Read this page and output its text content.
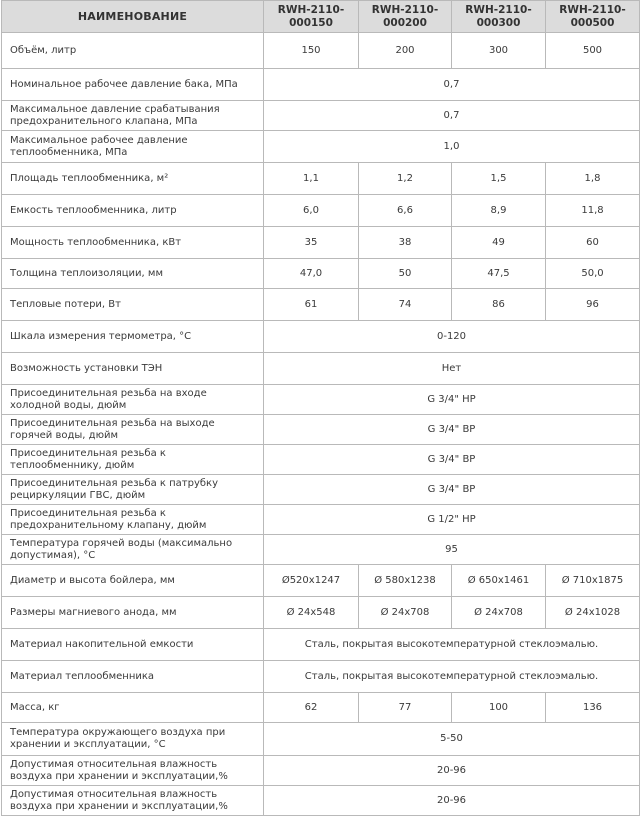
НАИМЕНОВАНИЕ	RWH-2110-000150	RWH-2110-000200	RWH-2110-000300	RWH-2110-000500
Объём, литр	150	200	300	500
Номинальное рабочее давление бака, МПа	0,7			
Максимальное давление срабатывания предохранительного клапана, МПа	0,7			
Максимальное рабочее давление теплообменника, МПа	1,0			
Площадь теплообменника, м²	1,1	1,2	1,5	1,8
Емкость теплообменника, литр	6,0	6,6	8,9	11,8
Мощность теплообменника, кВт	35	38	49	60
Толщина теплоизоляции, мм	47,0	50	47,5	50,0
Тепловые потери, Вт	61	74	86	96
Шкала измерения термометра, °С	0-120			
Возможность установки ТЭН	Нет			
Присоединительная резьба на входе холодной воды, дюйм	G 3/4" НР			
Присоединительная резьба на выходе горячей воды, дюйм	G 3/4" ВР			
Присоединительная резьба к теплообменнику, дюйм	G 3/4" ВР			
Присоединительная резьба к патрубку рециркуляции ГВС, дюйм	G 3/4" ВР			
Присоединительная резьба к предохранительному клапану, дюйм	G 1/2" НР			
Температура горячей воды (максимально допустимая), °С	95			
Диаметр и высота бойлера, мм	Ø520x1247	Ø 580x1238	Ø 650x1461	Ø 710x1875
Размеры магниевого анода, мм	Ø 24x548	Ø 24x708	Ø 24x708	Ø 24x1028
Материал накопительной емкости	Сталь, покрытая высокотемпературной стеклоэмалью.			
Материал теплообменника	Сталь, покрытая высокотемпературной стеклоэмалью.			
Масса, кг	62	77	100	136
Температура окружающего воздуха при хранении и эксплуатации, °С	5-50			
Допустимая относительная влажность воздуха при хранении и эксплуатации,%	20-96			
Допустимая относительная влажность воздуха при хранении и эксплуатации,%	20-96			
